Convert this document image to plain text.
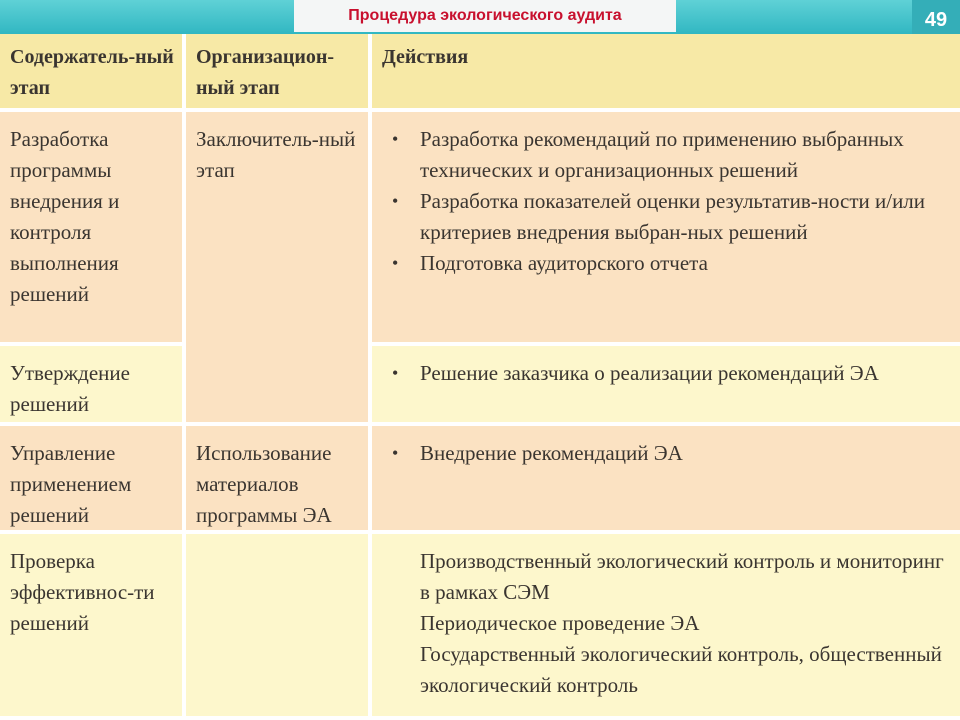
Процедура экологического аудита	49
Содержатель-ный этап
Организацион-ный этап
Действия
Разработка программы внедрения и контроля выполнения решений
Заключитель-ный этап
• Разработка рекомендаций по применению выбранных технических и организационных решений
• Разработка показателей оценки результатив-ности и/или критериев внедрения выбран-ных решений
• Подготовка аудиторского отчета
Утверждение решений
• Решение заказчика о реализации рекомендаций ЭА
Управление применением решений
Использование материалов программы ЭА
• Внедрение рекомендаций ЭА
Проверка эффективнос-ти решений
Производственный экологический контроль и мониторинг в рамках СЭМ
Периодическое проведение ЭА
Государственный экологический контроль, общественный экологический контроль
